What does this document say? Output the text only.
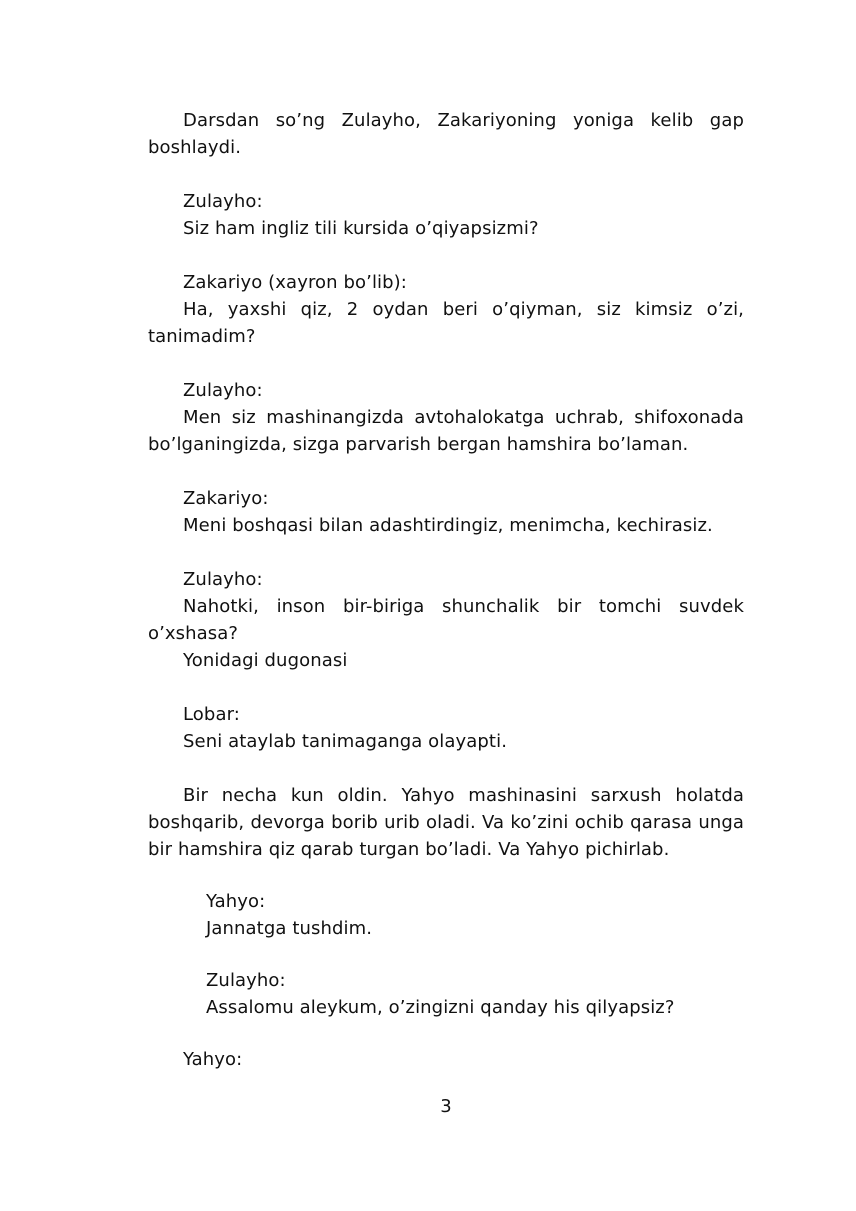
Darsdan so’ng Zulayho, Zakariyoning yoniga kelib gap boshlaydi.

Zulayho:

Siz ham ingliz tili kursida o’qiyapsizmi?

Zakariyo (xayron bo’lib):

Ha, yaxshi qiz, 2 oydan beri o’qiyman, siz kimsiz o’zi, tanimadim?

Zulayho:

Men siz mashinangizda avtohalokatga uchrab, shifoxonada bo’lganingizda, sizga parvarish bergan hamshira bo’laman.

Zakariyo:

Meni boshqasi bilan adashtirdingiz, menimcha, kechirasiz.

Zulayho:

Nahotki, inson bir-biriga shunchalik bir tomchi suvdek o’xshasa?

Yonidagi dugonasi

Lobar:

Seni ataylab tanimaganga olayapti.

Bir necha kun oldin. Yahyo mashinasini sarxush holatda boshqarib, devorga borib urib oladi. Va ko’zini ochib qarasa unga bir hamshira qiz qarab turgan bo’ladi. Va Yahyo pichirlab.

Yahyo:

Jannatga tushdim.

Zulayho:

Assalomu aleykum, o’zingizni qanday his qilyapsiz?

Yahyo:

3
